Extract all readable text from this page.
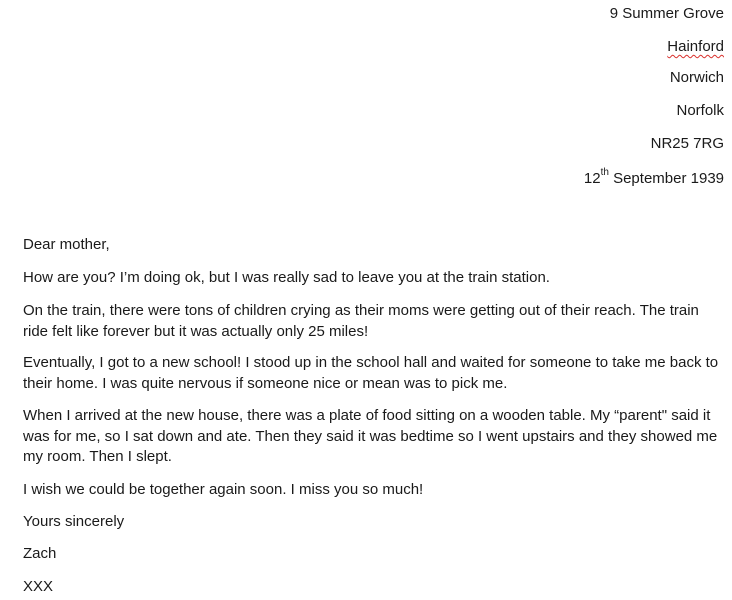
9 Summer Grove
Hainford
Norwich
Norfolk
NR25 7RG
12th September 1939

Dear mother,

How are you? I’m doing ok, but I was really sad to leave you at the train station.

On the train, there were tons of children crying as their moms were getting out of their reach. The train ride felt like forever but it was actually only 25 miles!

Eventually, I got to a new school! I stood up in the school hall and waited for someone to take me back to their home. I was quite nervous if someone nice or mean was to pick me.

When I arrived at the new house, there was a plate of food sitting on a wooden table. My “parent" said it was for me, so I sat down and ate. Then they said it was bedtime so I went upstairs and they showed me my room. Then I slept.

I wish we could be together again soon. I miss you so much!

Yours sincerely

Zach

XXX
